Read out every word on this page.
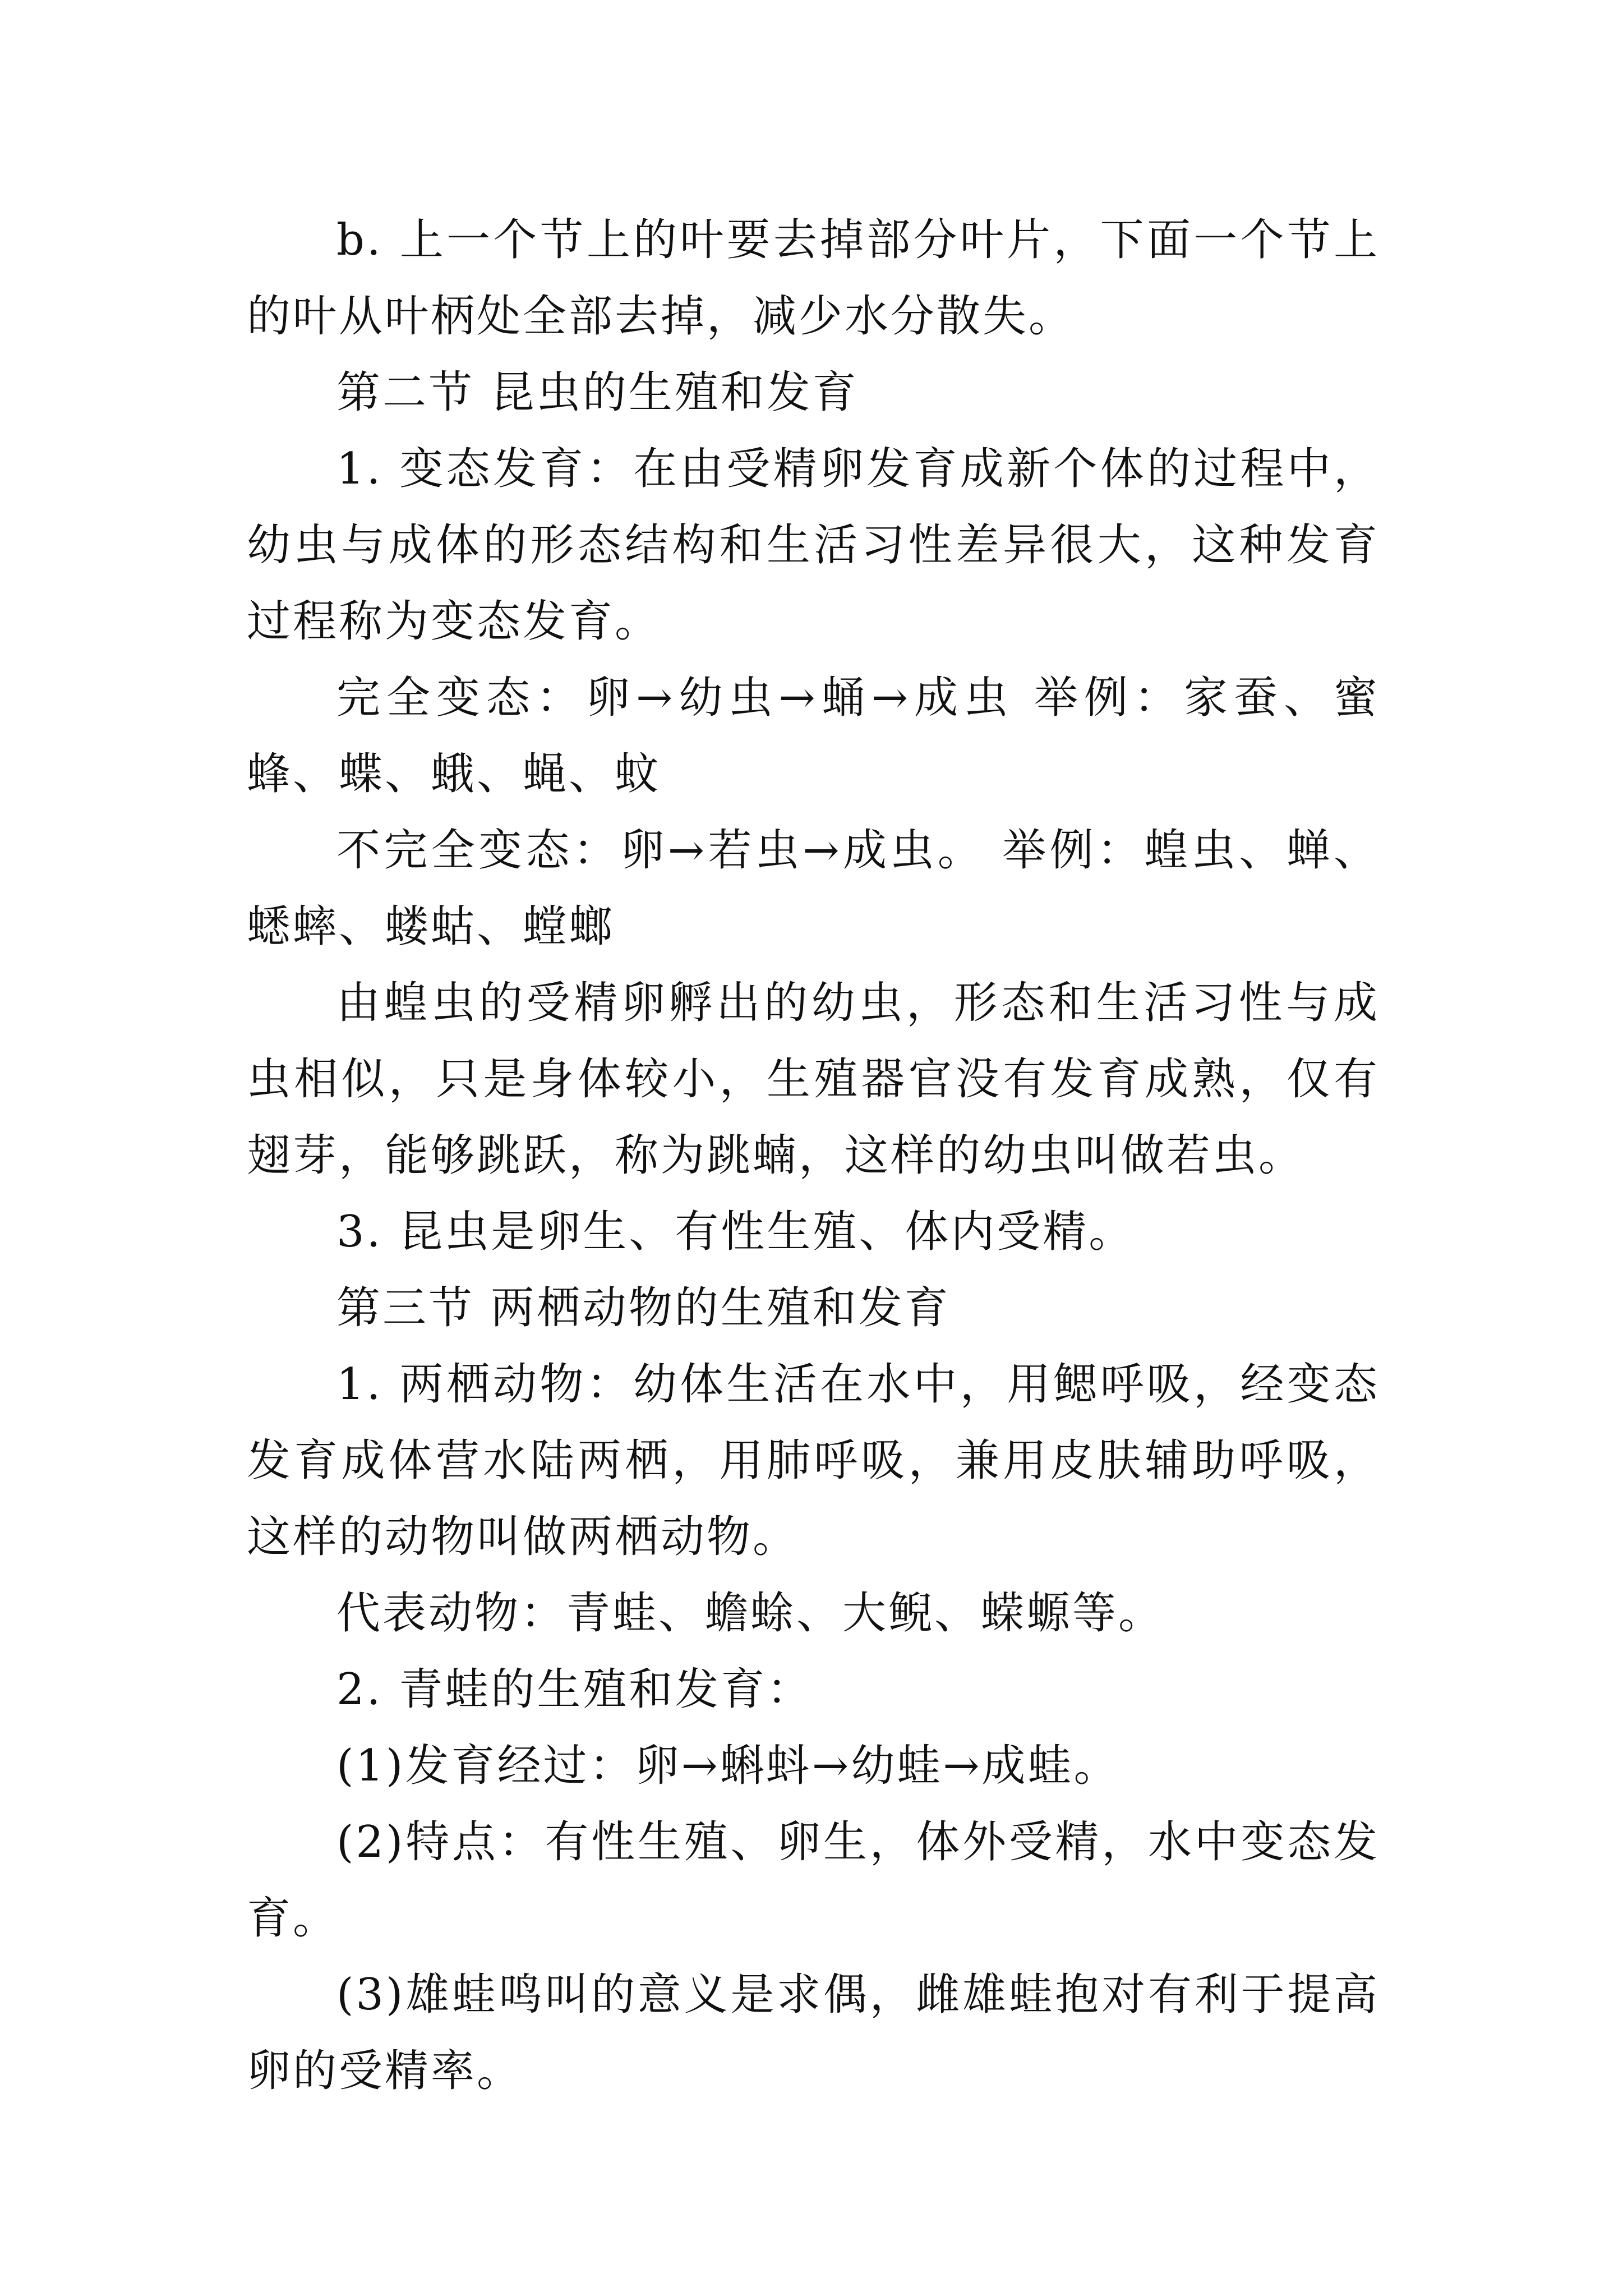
b. 上一个节上的叶要去掉部分叶片，下面一个节上的叶从叶柄处全部去掉，减少水分散失。

第二节 昆虫的生殖和发育

1. 变态发育：在由受精卵发育成新个体的过程中，幼虫与成体的形态结构和生活习性差异很大，这种发育过程称为变态发育。

完全变态：卵→幼虫→蛹→成虫 举例：家蚕、蜜蜂、蝶、蛾、蝇、蚊

不完全变态：卵→若虫→成虫。 举例：蝗虫、蝉、蟋蟀、蝼蛄、螳螂

由蝗虫的受精卵孵出的幼虫，形态和生活习性与成虫相似，只是身体较小，生殖器官没有发育成熟，仅有翅芽，能够跳跃，称为跳蝻，这样的幼虫叫做若虫。

3. 昆虫是卵生、有性生殖、体内受精。

第三节 两栖动物的生殖和发育

1. 两栖动物：幼体生活在水中，用鳃呼吸，经变态发育成体营水陆两栖，用肺呼吸，兼用皮肤辅助呼吸，这样的动物叫做两栖动物。

代表动物：青蛙、蟾蜍、大鲵、蝾螈等。

2. 青蛙的生殖和发育：

(1)发育经过：卵→蝌蚪→幼蛙→成蛙。

(2)特点：有性生殖、卵生，体外受精，水中变态发育。

(3)雄蛙鸣叫的意义是求偶，雌雄蛙抱对有利于提高卵的受精率。
